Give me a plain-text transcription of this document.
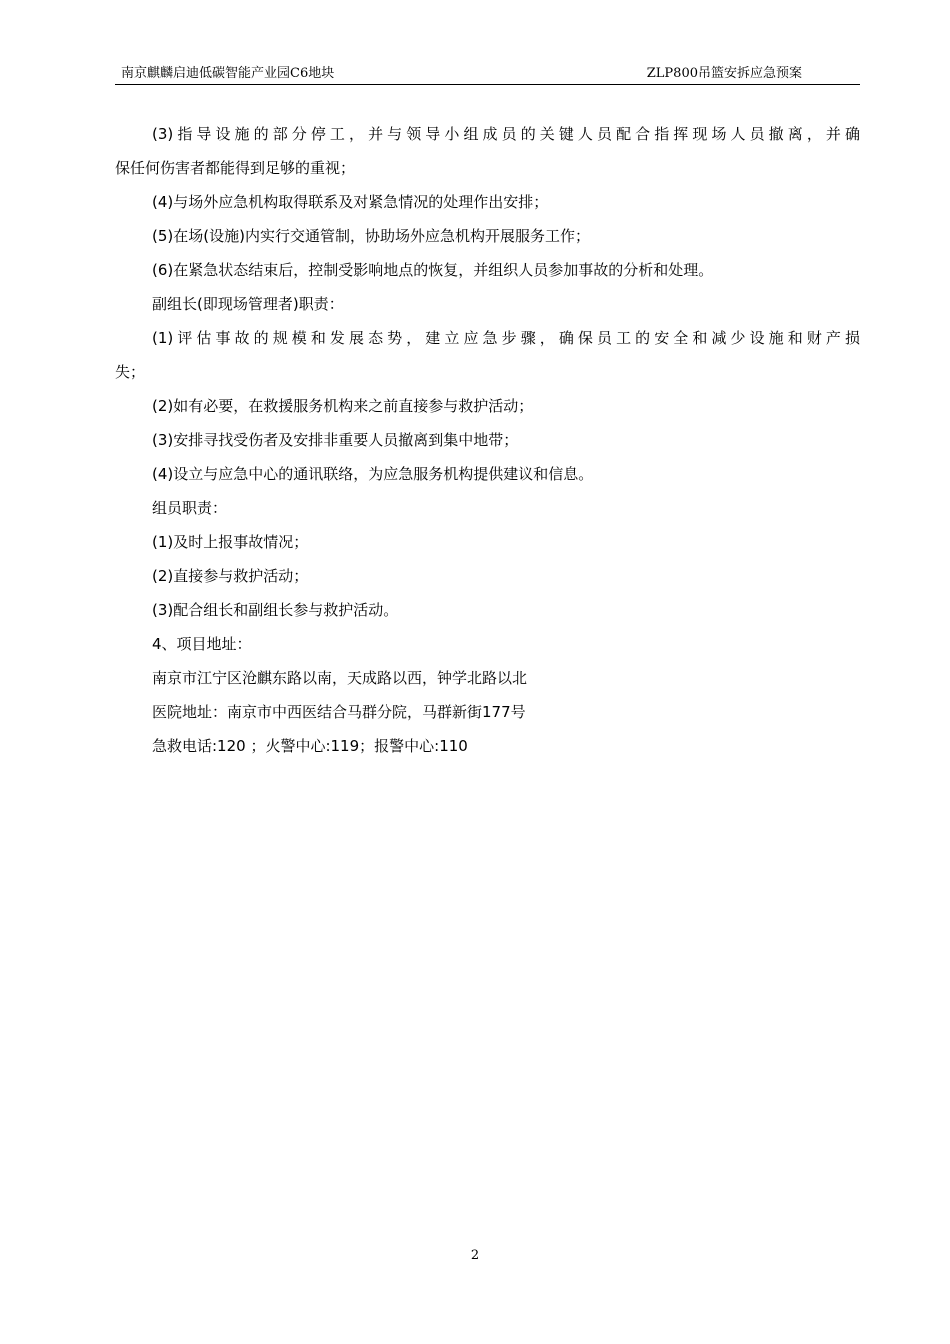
南京麒麟启迪低碳智能产业园C6地块	ZLP800吊篮安拆应急预案
(3)指导设施的部分停工，并与领导小组成员的关键人员配合指挥现场人员撤离，并确
保任何伤害者都能得到足够的重视；
(4)与场外应急机构取得联系及对紧急情况的处理作出安排；
(5)在场(设施)内实行交通管制，协助场外应急机构开展服务工作；
(6)在紧急状态结束后，控制受影响地点的恢复，并组织人员参加事故的分析和处理。
副组长(即现场管理者)职责：
(1)评估事故的规模和发展态势，建立应急步骤，确保员工的安全和减少设施和财产损
失；
(2)如有必要，在救援服务机构来之前直接参与救护活动；
(3)安排寻找受伤者及安排非重要人员撤离到集中地带；
(4)设立与应急中心的通讯联络，为应急服务机构提供建议和信息。
组员职责：
(1)及时上报事故情况；
(2)直接参与救护活动；
(3)配合组长和副组长参与救护活动。
4、项目地址：
南京市江宁区沧麒东路以南，天成路以西，钟学北路以北
医院地址：南京市中西医结合马群分院，马群新街177号
急救电话:120 ；火警中心:119；报警中心:110
2
